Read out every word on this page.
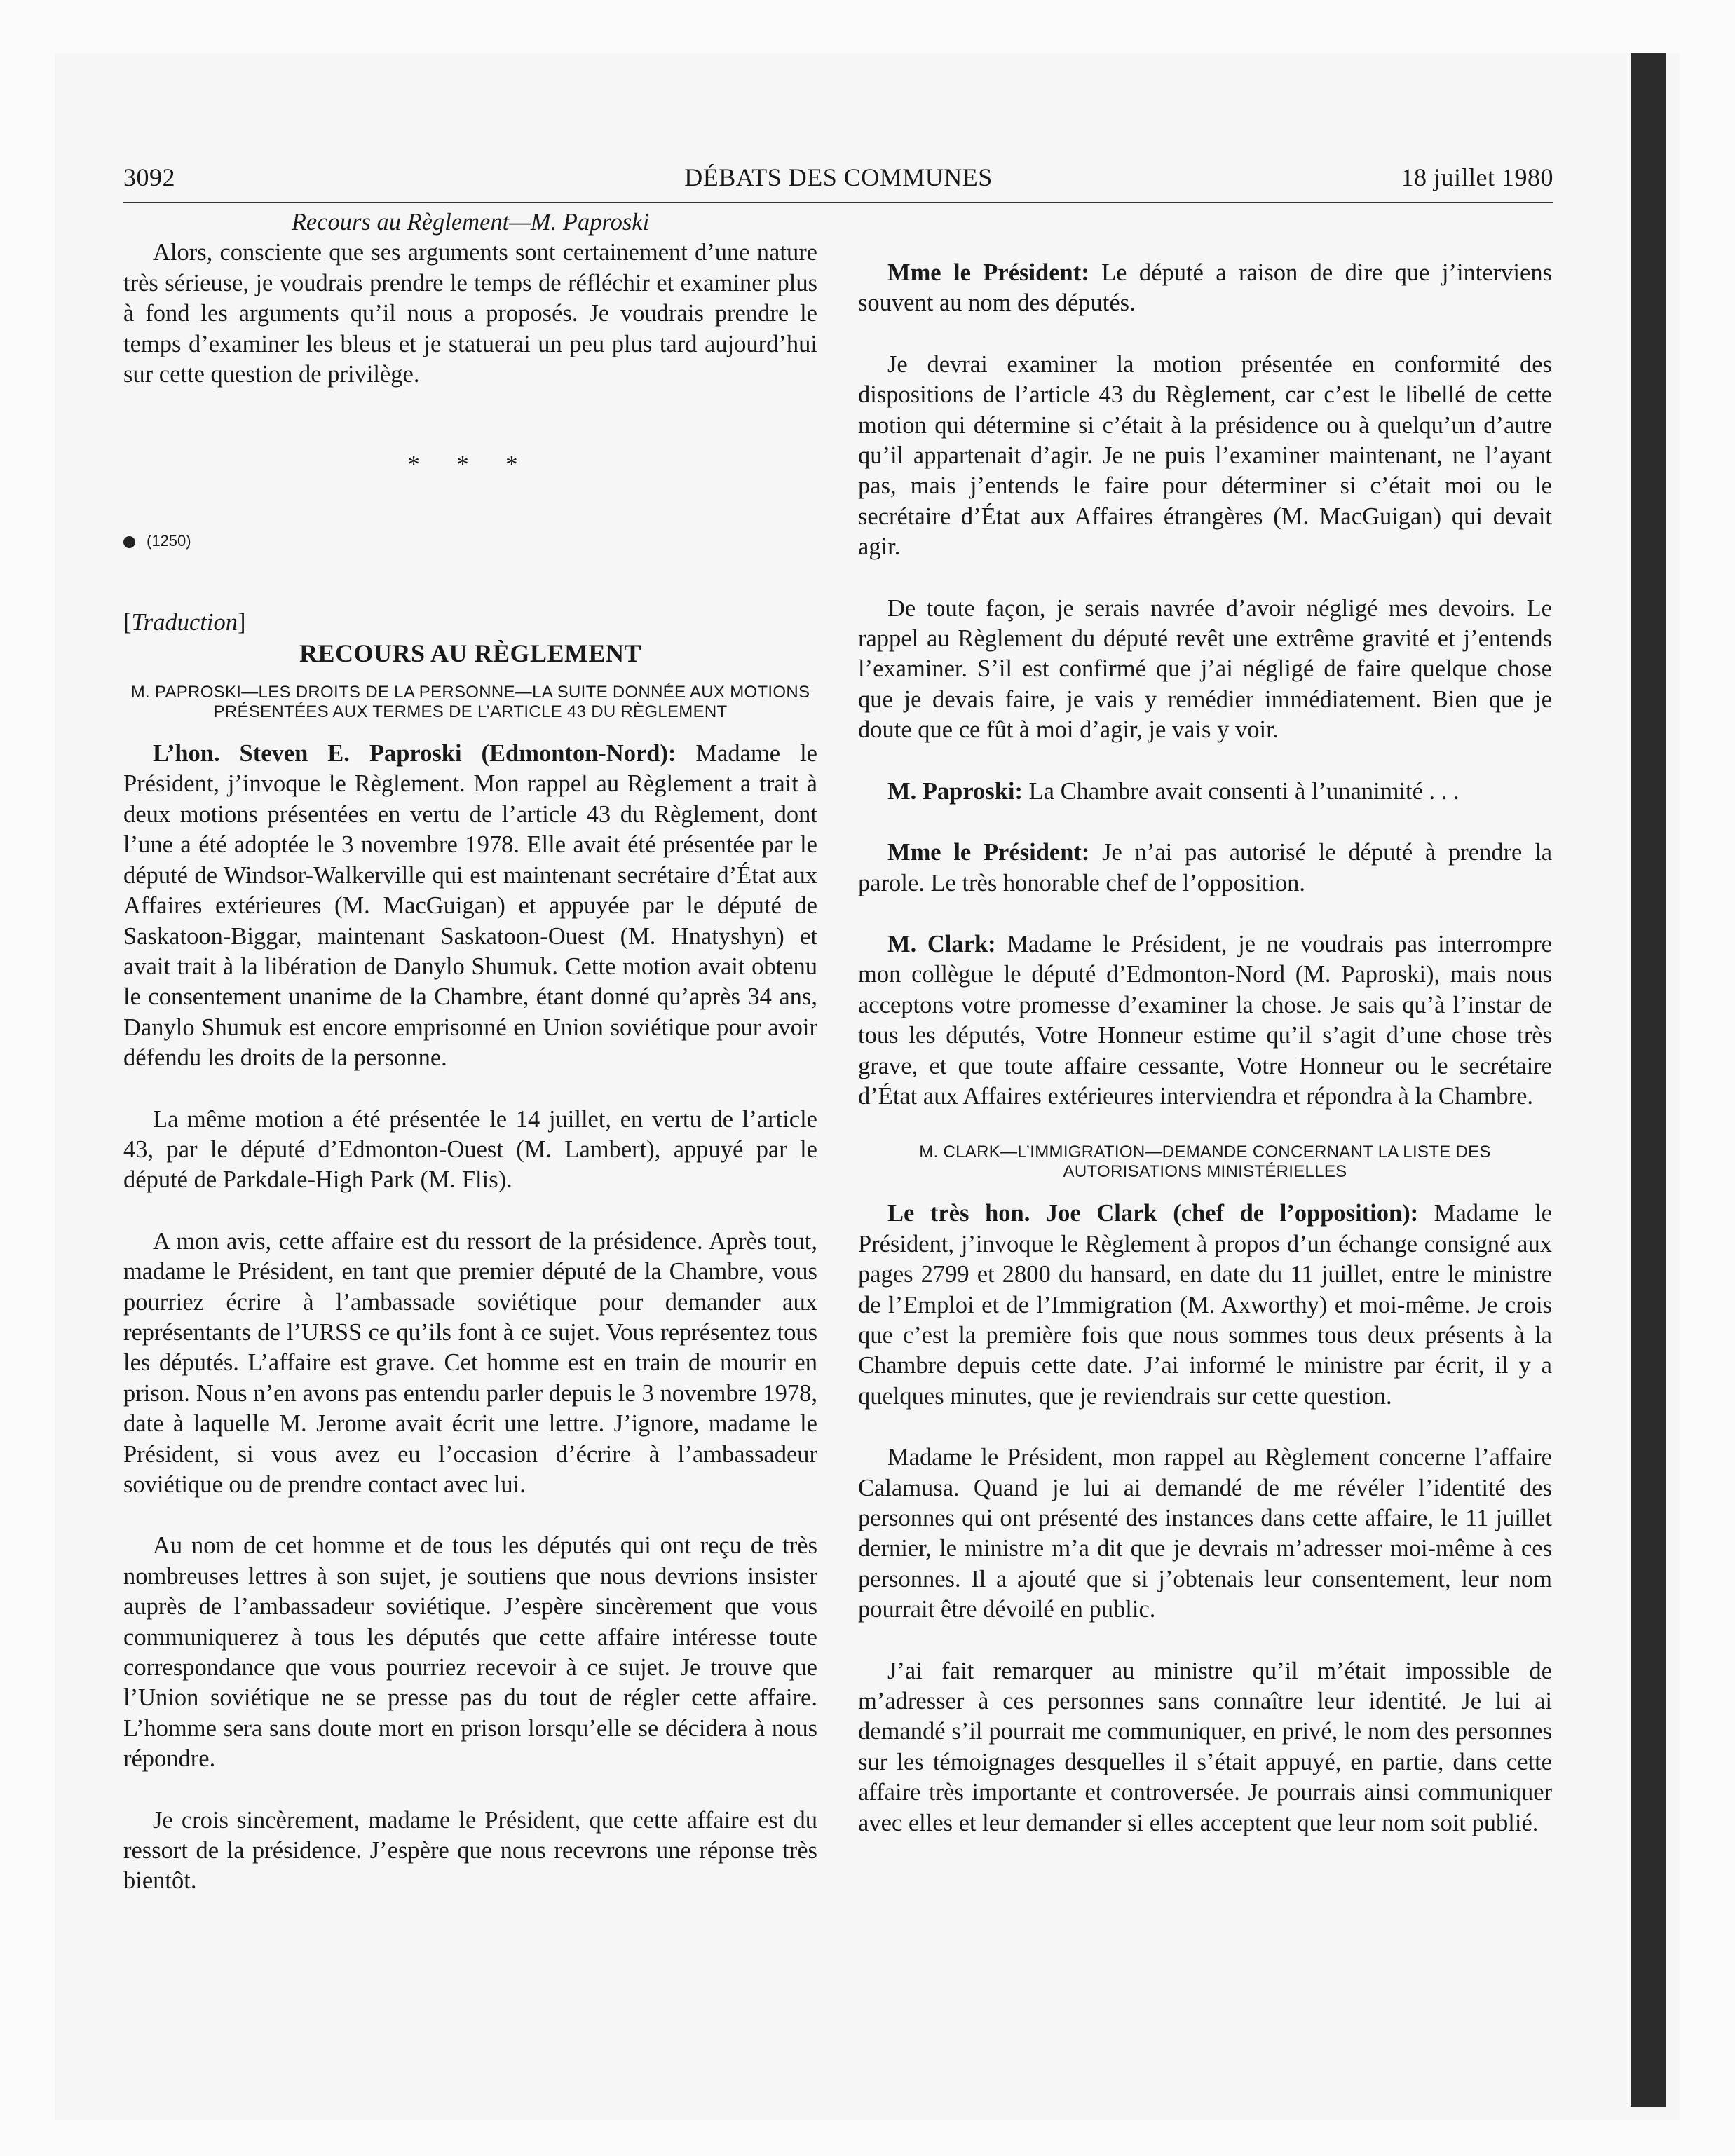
3092	DÉBATS DES COMMUNES	18 juillet 1980

Recours au Règlement—M. Paproski

Alors, consciente que ses arguments sont certainement d’une nature très sérieuse, je voudrais prendre le temps de réfléchir et examiner plus à fond les arguments qu’il nous a proposés. Je voudrais prendre le temps d’examiner les bleus et je statuerai un peu plus tard aujourd’hui sur cette question de privilège.

* * *

(1250)

[Traduction]

RECOURS AU RÈGLEMENT

M. PAPROSKI—LES DROITS DE LA PERSONNE—LA SUITE DONNÉE AUX MOTIONS PRÉSENTÉES AUX TERMES DE L’ARTICLE 43 DU RÈGLEMENT

L’hon. Steven E. Paproski (Edmonton-Nord): Madame le Président, j’invoque le Règlement. Mon rappel au Règlement a trait à deux motions présentées en vertu de l’article 43 du Règlement, dont l’une a été adoptée le 3 novembre 1978. Elle avait été présentée par le député de Windsor-Walkerville qui est maintenant secrétaire d’État aux Affaires extérieures (M. MacGuigan) et appuyée par le député de Saskatoon-Biggar, maintenant Saskatoon-Ouest (M. Hnatyshyn) et avait trait à la libération de Danylo Shumuk. Cette motion avait obtenu le consentement unanime de la Chambre, étant donné qu’après 34 ans, Danylo Shumuk est encore emprisonné en Union soviétique pour avoir défendu les droits de la personne.

La même motion a été présentée le 14 juillet, en vertu de l’article 43, par le député d’Edmonton-Ouest (M. Lambert), appuyé par le député de Parkdale-High Park (M. Flis).

A mon avis, cette affaire est du ressort de la présidence. Après tout, madame le Président, en tant que premier député de la Chambre, vous pourriez écrire à l’ambassade soviétique pour demander aux représentants de l’URSS ce qu’ils font à ce sujet. Vous représentez tous les députés. L’affaire est grave. Cet homme est en train de mourir en prison. Nous n’en avons pas entendu parler depuis le 3 novembre 1978, date à laquelle M. Jerome avait écrit une lettre. J’ignore, madame le Président, si vous avez eu l’occasion d’écrire à l’ambassadeur soviétique ou de prendre contact avec lui.

Au nom de cet homme et de tous les députés qui ont reçu de très nombreuses lettres à son sujet, je soutiens que nous devrions insister auprès de l’ambassadeur soviétique. J’espère sincèrement que vous communiquerez à tous les députés que cette affaire intéresse toute correspondance que vous pourriez recevoir à ce sujet. Je trouve que l’Union soviétique ne se presse pas du tout de régler cette affaire. L’homme sera sans doute mort en prison lorsqu’elle se décidera à nous répondre.

Je crois sincèrement, madame le Président, que cette affaire est du ressort de la présidence. J’espère que nous recevrons une réponse très bientôt.

Mme le Président: Le député a raison de dire que j’interviens souvent au nom des députés.

Je devrai examiner la motion présentée en conformité des dispositions de l’article 43 du Règlement, car c’est le libellé de cette motion qui détermine si c’était à la présidence ou à quelqu’un d’autre qu’il appartenait d’agir. Je ne puis l’examiner maintenant, ne l’ayant pas, mais j’entends le faire pour déterminer si c’était moi ou le secrétaire d’État aux Affaires étrangères (M. MacGuigan) qui devait agir.

De toute façon, je serais navrée d’avoir négligé mes devoirs. Le rappel au Règlement du député revêt une extrême gravité et j’entends l’examiner. S’il est confirmé que j’ai négligé de faire quelque chose que je devais faire, je vais y remédier immédiatement. Bien que je doute que ce fût à moi d’agir, je vais y voir.

M. Paproski: La Chambre avait consenti à l’unanimité . . .

Mme le Président: Je n’ai pas autorisé le député à prendre la parole. Le très honorable chef de l’opposition.

M. Clark: Madame le Président, je ne voudrais pas interrompre mon collègue le député d’Edmonton-Nord (M. Paproski), mais nous acceptons votre promesse d’examiner la chose. Je sais qu’à l’instar de tous les députés, Votre Honneur estime qu’il s’agit d’une chose très grave, et que toute affaire cessante, Votre Honneur ou le secrétaire d’État aux Affaires extérieures interviendra et répondra à la Chambre.

M. CLARK—L’IMMIGRATION—DEMANDE CONCERNANT LA LISTE DES AUTORISATIONS MINISTÉRIELLES

Le très hon. Joe Clark (chef de l’opposition): Madame le Président, j’invoque le Règlement à propos d’un échange consigné aux pages 2799 et 2800 du hansard, en date du 11 juillet, entre le ministre de l’Emploi et de l’Immigration (M. Axworthy) et moi-même. Je crois que c’est la première fois que nous sommes tous deux présents à la Chambre depuis cette date. J’ai informé le ministre par écrit, il y a quelques minutes, que je reviendrais sur cette question.

Madame le Président, mon rappel au Règlement concerne l’affaire Calamusa. Quand je lui ai demandé de me révéler l’identité des personnes qui ont présenté des instances dans cette affaire, le 11 juillet dernier, le ministre m’a dit que je devrais m’adresser moi-même à ces personnes. Il a ajouté que si j’obtenais leur consentement, leur nom pourrait être dévoilé en public.

J’ai fait remarquer au ministre qu’il m’était impossible de m’adresser à ces personnes sans connaître leur identité. Je lui ai demandé s’il pourrait me communiquer, en privé, le nom des personnes sur les témoignages desquelles il s’était appuyé, en partie, dans cette affaire très importante et controversée. Je pourrais ainsi communiquer avec elles et leur demander si elles acceptent que leur nom soit publié.
